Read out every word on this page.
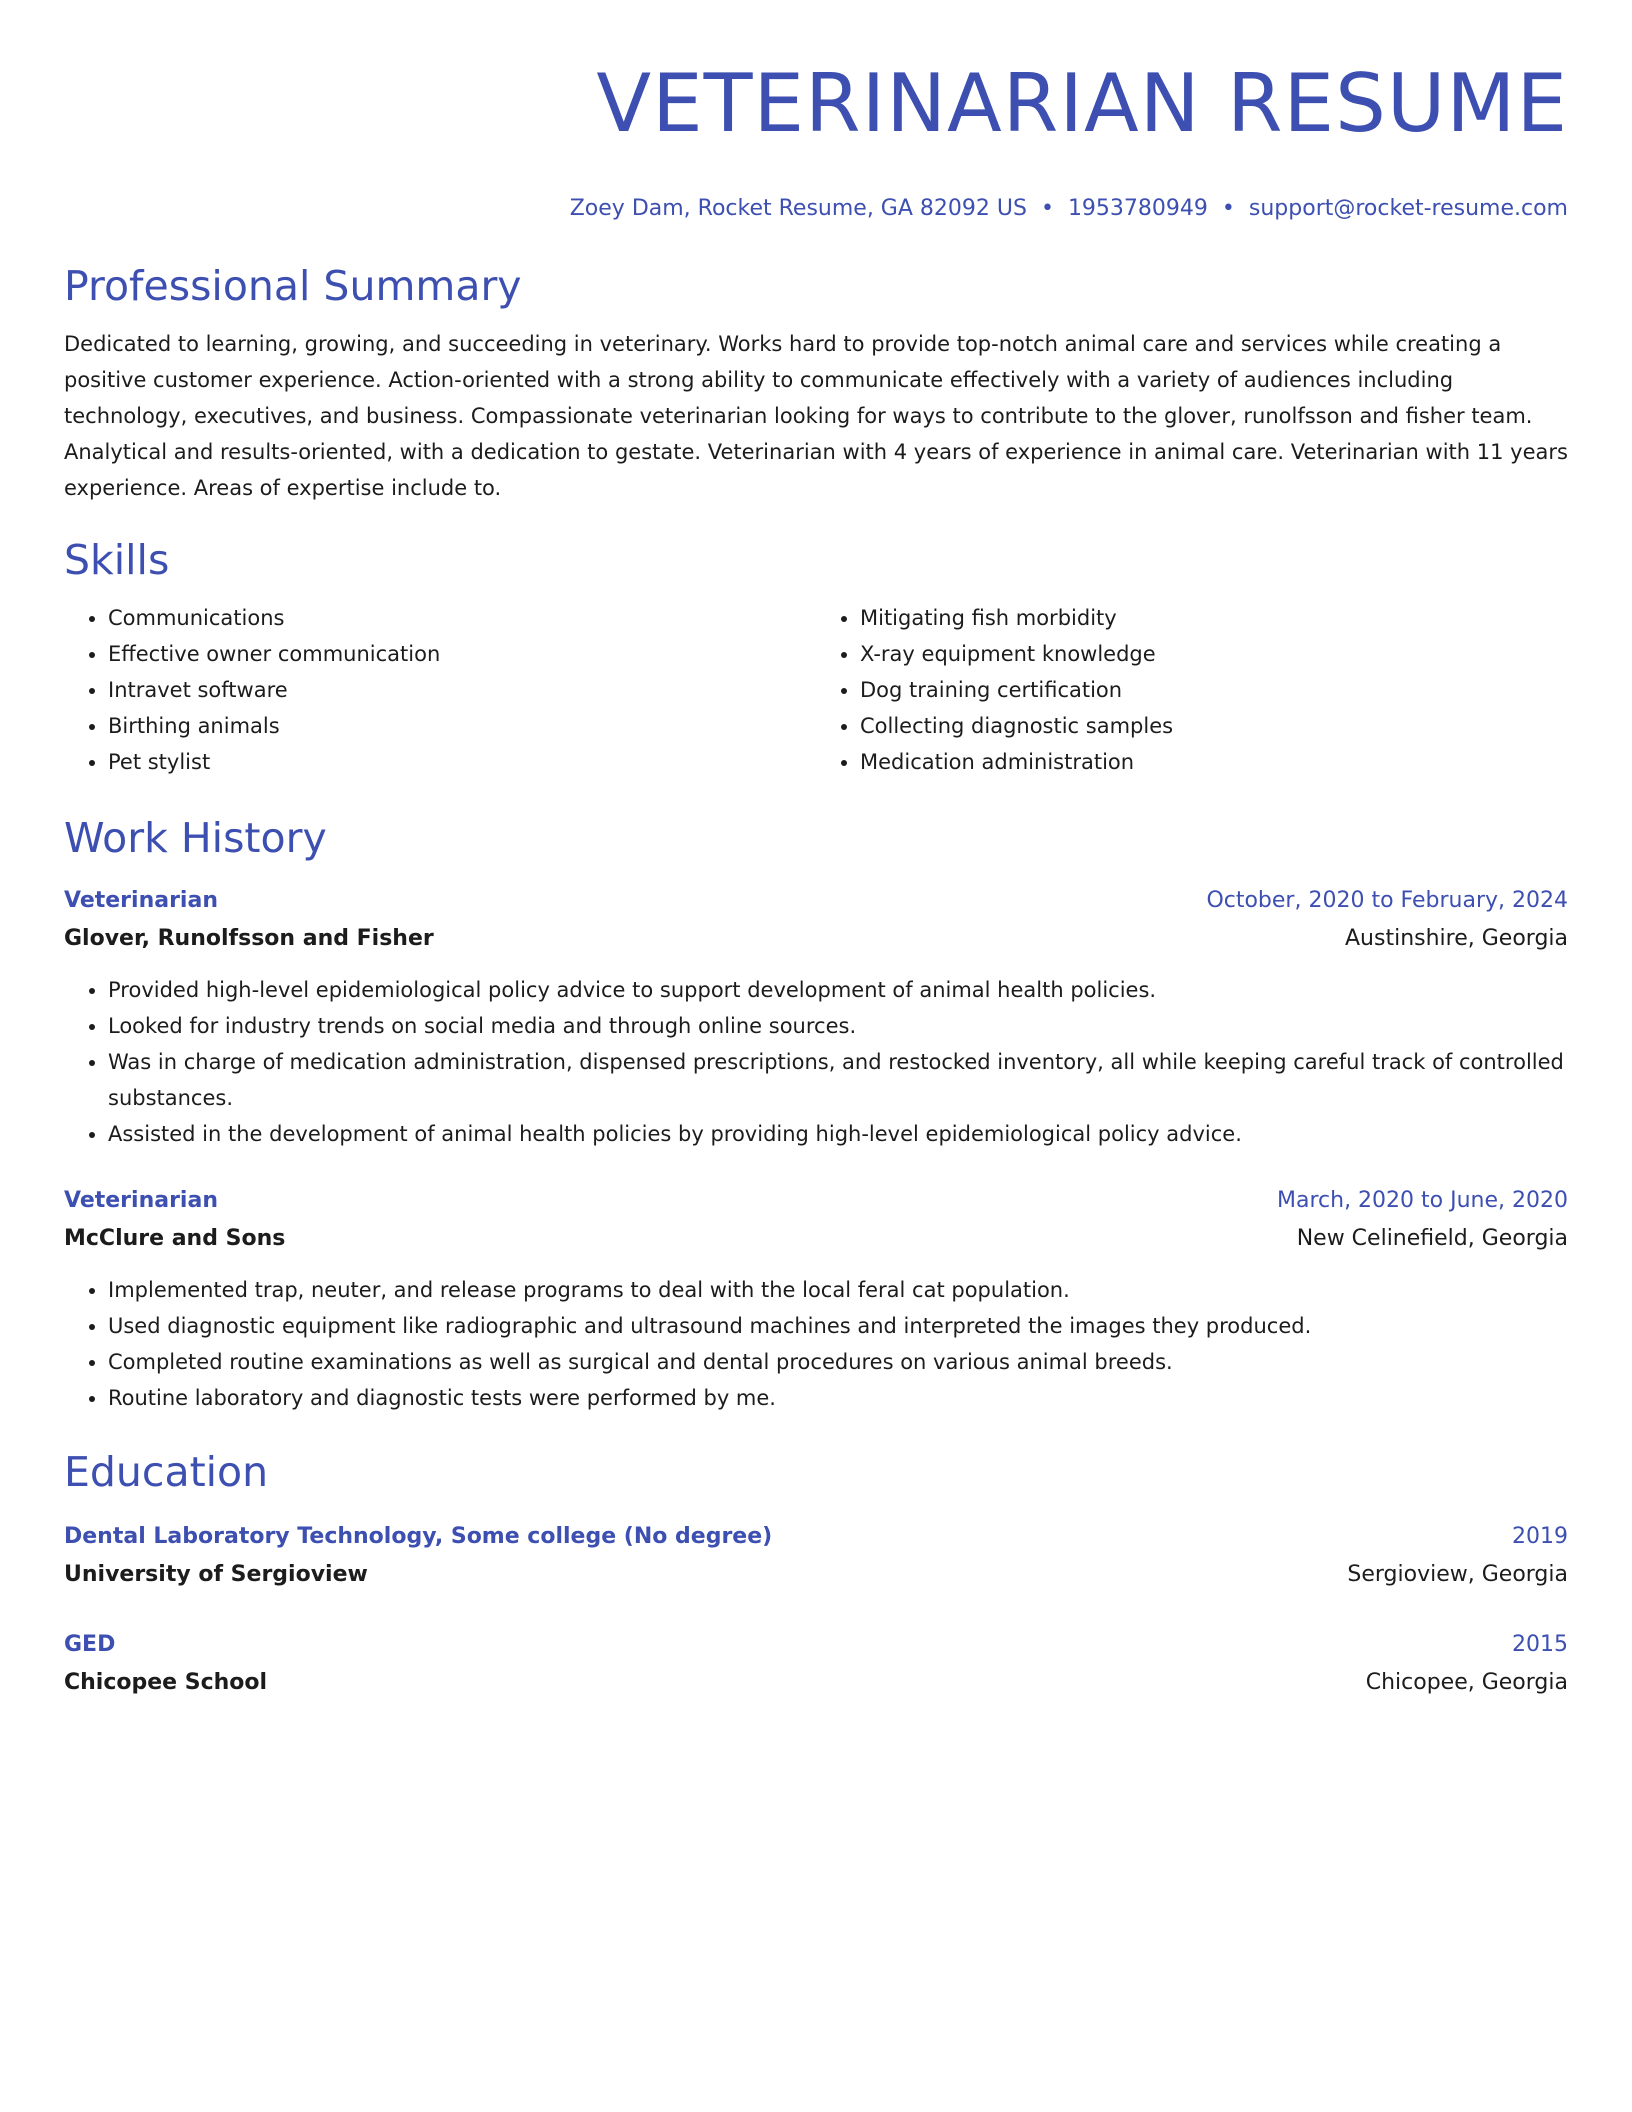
VETERINARIAN RESUME
Zoey Dam, Rocket Resume, GA 82092 US • 1953780949 • support@rocket-resume.com
Professional Summary
Dedicated to learning, growing, and succeeding in veterinary. Works hard to provide top-notch animal care and services while creating a positive customer experience. Action-oriented with a strong ability to communicate effectively with a variety of audiences including technology, executives, and business. Compassionate veterinarian looking for ways to contribute to the glover, runolfsson and fisher team. Analytical and results-oriented, with a dedication to gestate. Veterinarian with 4 years of experience in animal care. Veterinarian with 11 years experience. Areas of expertise include to.
Skills
• Communications
• Effective owner communication
• Intravet software
• Birthing animals
• Pet stylist
• Mitigating fish morbidity
• X-ray equipment knowledge
• Dog training certification
• Collecting diagnostic samples
• Medication administration
Work History
Veterinarian	October, 2020 to February, 2024
Glover, Runolfsson and Fisher	Austinshire, Georgia
• Provided high-level epidemiological policy advice to support development of animal health policies.
• Looked for industry trends on social media and through online sources.
• Was in charge of medication administration, dispensed prescriptions, and restocked inventory, all while keeping careful track of controlled substances.
• Assisted in the development of animal health policies by providing high-level epidemiological policy advice.
Veterinarian	March, 2020 to June, 2020
McClure and Sons	New Celinefield, Georgia
• Implemented trap, neuter, and release programs to deal with the local feral cat population.
• Used diagnostic equipment like radiographic and ultrasound machines and interpreted the images they produced.
• Completed routine examinations as well as surgical and dental procedures on various animal breeds.
• Routine laboratory and diagnostic tests were performed by me.
Education
Dental Laboratory Technology, Some college (No degree)	2019
University of Sergioview	Sergioview, Georgia
GED	2015
Chicopee School	Chicopee, Georgia
